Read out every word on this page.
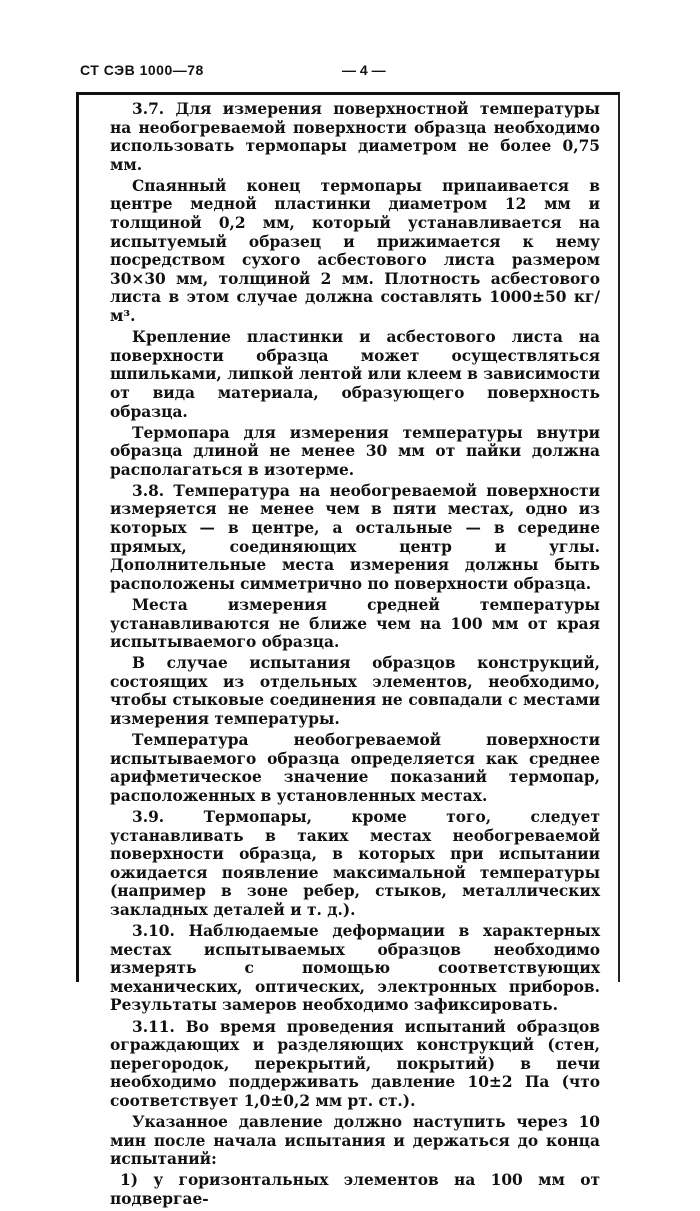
СТ СЭВ 1000—78	— 4 —

3.7. Для измерения поверхностной температуры на необогреваемой поверхности образца необходимо использовать термопары диаметром не более 0,75 мм.

Спаянный конец термопары припаивается в центре медной пластинки диаметром 12 мм и толщиной 0,2 мм, который устанавливается на испытуемый образец и прижимается к нему посредством сухого асбестового листа размером 30×30 мм, толщиной 2 мм. Плотность асбестового листа в этом случае должна составлять 1000±50 кг/м³.

Крепление пластинки и асбестового листа на поверхности образца может осуществляться шпильками, липкой лентой или клеем в зависимости от вида материала, образующего поверхность образца.

Термопара для измерения температуры внутри образца длиной не менее 30 мм от пайки должна располагаться в изотерме.

3.8. Температура на необогреваемой поверхности измеряется не менее чем в пяти местах, одно из которых — в центре, а остальные — в середине прямых, соединяющих центр и углы. Дополнительные места измерения должны быть расположены симметрично по поверхности образца.

Места измерения средней температуры устанавливаются не ближе чем на 100 мм от края испытываемого образца.

В случае испытания образцов конструкций, состоящих из отдельных элементов, необходимо, чтобы стыковые соединения не совпадали с местами измерения температуры.

Температура необогреваемой поверхности испытываемого образца определяется как среднее арифметическое значение показаний термопар, расположенных в установленных местах.

3.9. Термопары, кроме того, следует устанавливать в таких местах необогреваемой поверхности образца, в которых при испытании ожидается появление максимальной температуры (например в зоне ребер, стыков, металлических закладных деталей и т. д.).

3.10. Наблюдаемые деформации в характерных местах испытываемых образцов необходимо измерять с помощью соответствующих механических, оптических, электронных приборов. Результаты замеров необходимо зафиксировать.

3.11. Во время проведения испытаний образцов ограждающих и разделяющих конструкций (стен, перегородок, перекрытий, покрытий) в печи необходимо поддерживать давление 10±2 Па (что соответствует 1,0±0,2 мм рт. ст.).

Указанное давление должно наступить через 10 мин после начала испытания и держаться до конца испытаний:

1) у горизонтальных элементов на 100 мм от подвергае-
